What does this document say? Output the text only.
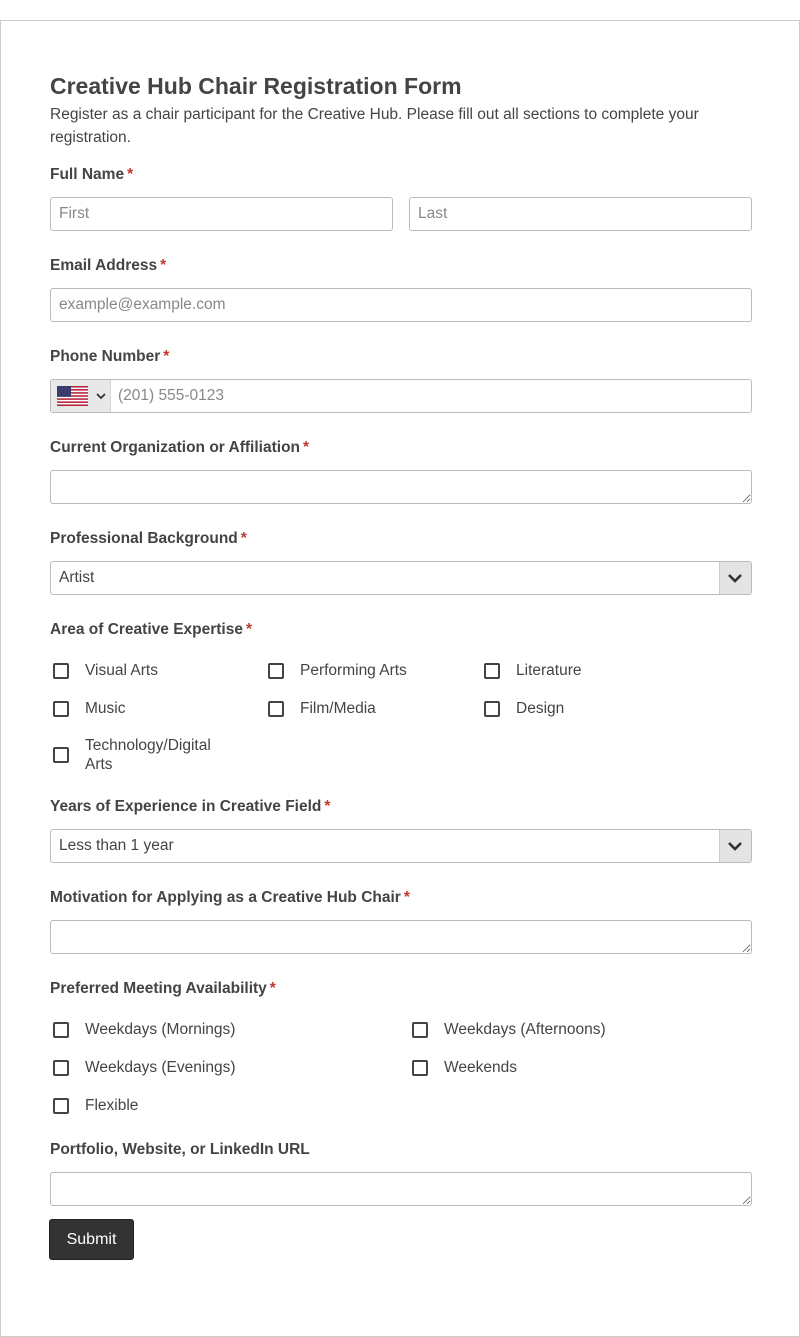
Creative Hub Chair Registration Form

Register as a chair participant for the Creative Hub. Please fill out all sections to complete your registration.

Full Name *
First
Last
Email Address *
example@example.com
Phone Number *
(201) 555-0123
Current Organization or Affiliation *
Professional Background *
Artist
Area of Creative Expertise *
Visual Arts	Performing Arts	Literature
Music	Film/Media	Design
Technology/Digital Arts
Years of Experience in Creative Field *
Less than 1 year
Motivation for Applying as a Creative Hub Chair *
Preferred Meeting Availability *
Weekdays (Mornings)	Weekdays (Afternoons)
Weekdays (Evenings)	Weekends
Flexible
Portfolio, Website, or LinkedIn URL
Submit
